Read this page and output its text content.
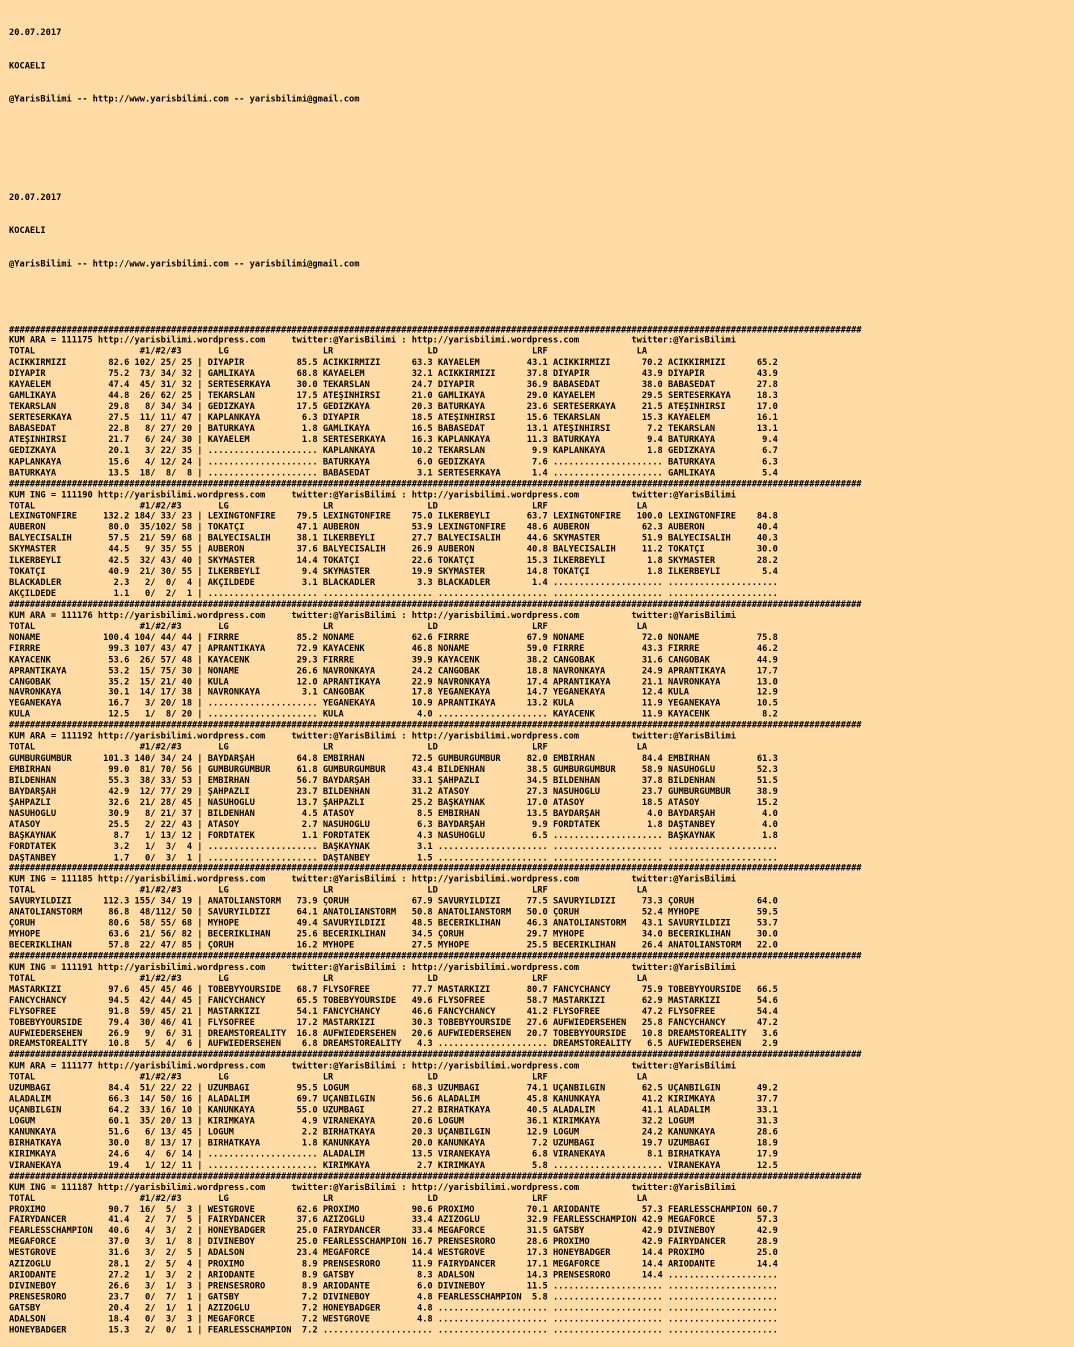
20.07.2017

KOCAELI

@YarisBilimi -- http://www.yarisbilimi.com -- yarisbilimi@gmail.com

20.07.2017

KOCAELI

@YarisBilimi -- http://www.yarisbilimi.com -- yarisbilimi@gmail.com

###################################################################################################################################################################
KUM ARA = 111175 http://yarisbilimi.wordpress.com     twitter:@YarisBilimi : http://yarisbilimi.wordpress.com          twitter:@YarisBilimi
TOTAL                    #1/#2/#3       LG                  LR                  LD                  LRF                 LA
ACIKKIRMIZI        82.6 102/ 25/ 25 | DİYAPİR          85.5 ACIKKIRMIZI      63.3 KAYAELEM         43.1 ACIKKIRMIZI      70.2 ACIKKIRMIZI      65.2
DİYAPİR            75.2  73/ 34/ 32 | GAMLIKAYA        68.8 KAYAELEM         32.1 ACIKKIRMIZI      37.8 DİYAPİR          43.9 DİYAPİR          43.9
KAYAELEM           47.4  45/ 31/ 32 | SERTESERKAYA     30.0 TEKARSLAN        24.7 DİYAPİR          36.9 BABASEDAT        38.0 BABASEDAT        27.8
GAMLIKAYA          44.8  26/ 62/ 25 | TEKARSLAN        17.5 ATEŞİNHIRSI      21.0 GAMLIKAYA        29.0 KAYAELEM         29.5 SERTESERKAYA     18.3
TEKARSLAN          29.8   8/ 34/ 34 | GEDİZKAYA        17.5 GEDİZKAYA        20.3 BATURKAYA        23.6 SERTESERKAYA     21.5 ATEŞİNHIRSI      17.0
SERTESERKAYA       27.5  11/ 11/ 47 | KAPLANKAYA        6.3 DİYAPİR          18.5 ATEŞİNHIRSI      15.6 TEKARSLAN        15.3 KAYAELEM         16.1
BABASEDAT          22.8   8/ 27/ 20 | BATURKAYA         1.8 GAMLIKAYA        16.5 BABASEDAT        13.1 ATEŞİNHIRSI       7.2 TEKARSLAN        13.1
ATEŞİNHIRSI        21.7   6/ 24/ 30 | KAYAELEM          1.8 SERTESERKAYA     16.3 KAPLANKAYA       11.3 BATURKAYA         9.4 BATURKAYA         9.4
GEDİZKAYA          20.1   3/ 22/ 35 | ..................... KAPLANKAYA       10.2 TEKARSLAN         9.9 KAPLANKAYA        1.8 GEDİZKAYA         6.7
KAPLANKAYA         15.6   4/ 12/ 24 | ..................... BATURKAYA         6.0 GEDİZKAYA         7.6 ..................... BATURKAYA         6.3
BATURKAYA          13.5  18/  8/  8 | ..................... BABASEDAT         3.1 SERTESERKAYA      1.4 ..................... GAMLIKAYA         5.4
###################################################################################################################################################################
KUM ING = 111190 http://yarisbilimi.wordpress.com     twitter:@YarisBilimi : http://yarisbilimi.wordpress.com          twitter:@YarisBilimi
TOTAL                    #1/#2/#3       LG                  LR                  LD                  LRF                 LA
LEXINGTONFIRE     132.2 184/ 33/ 23 | LEXINGTONFIRE    79.5 LEXINGTONFIRE    75.0 İLKERBEYLİ       63.7 LEXINGTONFIRE   100.0 LEXINGTONFIRE    84.8
AUBERON            80.0  35/102/ 58 | TOKATÇI          47.1 AUBERON          53.9 LEXINGTONFIRE    48.6 AUBERON          62.3 AUBERON          40.4
BALYECİSALİH       57.5  21/ 59/ 68 | BALYECİSALİH     38.1 İLKERBEYLİ       27.7 BALYECİSALİH     44.6 SKYMASTER        51.9 BALYECİSALİH     40.3
SKYMASTER          44.5   9/ 35/ 55 | AUBERON          37.6 BALYECİSALİH     26.9 AUBERON          40.8 BALYECİSALİH     11.2 TOKATÇI          30.0
İLKERBEYLİ         42.5  32/ 43/ 40 | SKYMASTER        14.4 TOKATÇI          22.6 TOKATÇI          15.3 İLKERBEYLİ        1.8 SKYMASTER        28.2
TOKATÇI            40.9  21/ 30/ 55 | İLKERBEYLİ        9.4 SKYMASTER        19.9 SKYMASTER        14.8 TOKATÇI           1.8 İLKERBEYLİ        5.4
BLACKADLER          2.3   2/  0/  4 | AKÇILDEDE         3.1 BLACKADLER        3.3 BLACKADLER        1.4 ..................... .....................
AKÇILDEDE           1.1   0/  2/  1 | ..................... ..................... ..................... ..................... .....................
###################################################################################################################################################################
KUM ARA = 111176 http://yarisbilimi.wordpress.com     twitter:@YarisBilimi : http://yarisbilimi.wordpress.com          twitter:@YarisBilimi
TOTAL                    #1/#2/#3       LG                  LR                  LD                  LRF                 LA
NONAME            100.4 104/ 44/ 44 | FIRRRE           85.2 NONAME           62.6 FIRRRE           67.9 NONAME           72.0 NONAME           75.8
FIRRRE             99.3 107/ 43/ 47 | APRANTIKAYA      72.9 KAYACENK         46.8 NONAME           59.0 FIRRRE           43.3 FIRRRE           46.2
KAYACENK           53.6  26/ 57/ 48 | KAYACENK         29.3 FIRRRE           39.9 KAYACENK         38.2 CANGOBAK         31.6 CANGOBAK         44.9
APRANTIKAYA        53.2  15/ 75/ 30 | NONAME           26.6 NAVRONKAYA       24.2 CANGOBAK         18.8 NAVRONKAYA       24.9 APRANTIKAYA      17.7
CANGOBAK           35.2  15/ 21/ 40 | KULA             12.0 APRANTIKAYA      22.9 NAVRONKAYA       17.4 APRANTIKAYA      21.1 NAVRONKAYA       13.0
NAVRONKAYA         30.1  14/ 17/ 38 | NAVRONKAYA        3.1 CANGOBAK         17.8 YEGANEKAYA       14.7 YEGANEKAYA       12.4 KULA             12.9
YEGANEKAYA         16.7   3/ 20/ 18 | ..................... YEGANEKAYA       10.9 APRANTIKAYA      13.2 KULA             11.9 YEGANEKAYA       10.5
KULA               12.5   1/  8/ 20 | ..................... KULA              4.0 ..................... KAYACENK         11.9 KAYACENK          8.2
###################################################################################################################################################################
KUM ARA = 111192 http://yarisbilimi.wordpress.com     twitter:@YarisBilimi : http://yarisbilimi.wordpress.com          twitter:@YarisBilimi
TOTAL                    #1/#2/#3       LG                  LR                  LD                  LRF                 LA
GUMBURGÜMBÜR      101.3 140/ 34/ 24 | BAYDARŞAH        64.8 EMBİRHAN         72.5 GUMBURGÜMBÜR     82.0 EMBİRHAN         84.4 EMBİRHAN         61.3
EMBİRHAN           99.0  81/ 70/ 56 | GUMBURGÜMBÜR     61.8 GUMBURGÜMBÜR     43.4 BİLDENHAN        38.5 GUMBURGÜMBÜR     58.9 NASUHOĞLU        52.3
BİLDENHAN          55.3  38/ 33/ 53 | EMBİRHAN         56.7 BAYDARŞAH        33.1 ŞAHPAZLI         34.5 BİLDENHAN        37.8 BİLDENHAN        51.5
BAYDARŞAH          42.9  12/ 77/ 29 | ŞAHPAZLI         23.7 BİLDENHAN        31.2 ATASOY           27.3 NASUHOĞLU        23.7 GUMBURGÜMBÜR     38.9
ŞAHPAZLI           32.6  21/ 28/ 45 | NASUHOĞLU        13.7 ŞAHPAZLI         25.2 BAŞKAYNAK        17.0 ATASOY           18.5 ATASOY           15.2
NASUHOĞLU          30.9   8/ 21/ 37 | BİLDENHAN         4.5 ATASOY            8.5 EMBİRHAN         13.5 BAYDARŞAH         4.0 BAYDARŞAH         4.0
ATASOY             25.5   2/ 22/ 43 | ATASOY            2.7 NASUHOĞLU         6.3 BAYDARŞAH         9.9 FORDTATEK         1.8 DAŞTANBEY         4.0
BAŞKAYNAK           8.7   1/ 13/ 12 | FORDTATEK         1.1 FORDTATEK         4.3 NASUHOĞLU         6.5 ..................... BAŞKAYNAK         1.8
FORDTATEK           3.2   1/  3/  4 | ..................... BAŞKAYNAK         3.1 ..................... ..................... .....................
DAŞTANBEY           1.7   0/  3/  1 | ..................... DAŞTANBEY         1.5 ..................... ..................... .....................
###################################################################################################################################################################
KUM ING = 111185 http://yarisbilimi.wordpress.com     twitter:@YarisBilimi : http://yarisbilimi.wordpress.com          twitter:@YarisBilimi
TOTAL                    #1/#2/#3       LG                  LR                  LD                  LRF                 LA
SAVURYILDIZI      112.3 155/ 34/ 19 | ANATOLIANSTORM   73.9 ÇORUH            67.9 SAVURYILDIZI     77.5 SAVURYILDIZI     73.3 ÇORUH            64.0
ANATOLIANSTORM     86.8  48/112/ 50 | SAVURYILDIZI     64.1 ANATOLIANSTORM   50.8 ANATOLIANSTORM   50.0 ÇORUH            52.4 MYHOPE           59.5
ÇORUH              80.6  58/ 55/ 68 | MYHOPE           49.4 SAVURYILDIZI     48.5 BECERİKLİHAN     46.3 ANATOLIANSTORM   43.1 SAVURYILDIZI     53.7
MYHOPE             63.6  21/ 56/ 82 | BECERİKLİHAN     25.6 BECERİKLİHAN     34.5 ÇORUH            29.7 MYHOPE           34.0 BECERİKLİHAN     30.0
BECERİKLİHAN       57.8  22/ 47/ 85 | ÇORUH            16.2 MYHOPE           27.5 MYHOPE           25.5 BECERİKLİHAN     26.4 ANATOLIANSTORM   22.0
###################################################################################################################################################################
KUM ING = 111191 http://yarisbilimi.wordpress.com     twitter:@YarisBilimi : http://yarisbilimi.wordpress.com          twitter:@YarisBilimi
TOTAL                    #1/#2/#3       LG                  LR                  LD                  LRF                 LA
MASTARKIZI         97.6  45/ 45/ 46 | TOBEBYYOURSIDE   68.7 FLYSOFREE        77.7 MASTARKIZI       80.7 FANCYCHANCY      75.9 TOBEBYYOURSIDE   66.5
FANCYCHANCY        94.5  42/ 44/ 45 | FANCYCHANCY      65.5 TOBEBYYOURSIDE   49.6 FLYSOFREE        58.7 MASTARKIZI       62.9 MASTARKIZI       54.6
FLYSOFREE          91.8  59/ 45/ 21 | MASTARKIZI       54.1 FANCYCHANCY      46.6 FANCYCHANCY      41.2 FLYSOFREE        47.2 FLYSOFREE        54.4
TOBEBYYOURSIDE     79.4  30/ 46/ 41 | FLYSOFREE        17.2 MASTARKIZI       30.3 TOBEBYYOURSIDE   27.6 AUFWIEDERSEHEN   25.8 FANCYCHANCY      47.2
AUFWIEDERSEHEN     26.9   9/  6/ 31 | DREAMSTOREALITY  16.8 AUFWIEDERSEHEN   20.6 AUFWIEDERSEHEN   20.7 TOBEBYYOURSIDE   10.8 DREAMSTOREALITY   3.6
DREAMSTOREALITY    10.8   5/  4/  6 | AUFWIEDERSEHEN    6.8 DREAMSTOREALITY   4.3 ..................... DREAMSTOREALITY   6.5 AUFWIEDERSEHEN    2.9
###################################################################################################################################################################
KUM ARA = 111177 http://yarisbilimi.wordpress.com     twitter:@YarisBilimi : http://yarisbilimi.wordpress.com          twitter:@YarisBilimi
TOTAL                    #1/#2/#3       LG                  LR                  LD                  LRF                 LA
ÜZÜMBAĞI           84.4  51/ 22/ 22 | ÜZÜMBAĞI         95.5 LOGUM            68.3 ÜZÜMBAĞI         74.1 UÇANBİLGİN       62.5 UÇANBİLGİN       49.2
ALADALIM           66.3  14/ 50/ 16 | ALADALIM         69.7 UÇANBİLGİN       56.6 ALADALIM         45.8 KANUNKAYA        41.2 KIRIMKAYA        37.7
UÇANBİLGİN         64.2  33/ 16/ 10 | KANUNKAYA        55.0 ÜZÜMBAĞI         27.2 BİRHATKAYA       40.5 ALADALIM         41.1 ALADALIM         33.1
LOGUM              60.1  35/ 20/ 13 | KIRIMKAYA         4.9 VİRANEKAYA       20.6 LOGUM            36.1 KIRIMKAYA        32.2 LOGUM            31.3
KANUNKAYA          51.6   6/ 13/ 45 | LOGUM             2.2 BİRHATKAYA       20.3 UÇANBİLGİN       12.9 LOGUM            24.2 KANUNKAYA        28.6
BİRHATKAYA         30.0   8/ 13/ 17 | BİRHATKAYA        1.8 KANUNKAYA        20.0 KANUNKAYA         7.2 ÜZÜMBAĞI         19.7 ÜZÜMBAĞI         18.9
KIRIMKAYA          24.6   4/  6/ 14 | ..................... ALADALIM         13.5 VİRANEKAYA        6.8 VİRANEKAYA        8.1 BİRHATKAYA       17.9
VİRANEKAYA         19.4   1/ 12/ 11 | ..................... KIRIMKAYA         2.7 KIRIMKAYA         5.8 ..................... VİRANEKAYA       12.5
###################################################################################################################################################################
KUM ING = 111187 http://yarisbilimi.wordpress.com     twitter:@YarisBilimi : http://yarisbilimi.wordpress.com          twitter:@YarisBilimi
TOTAL                    #1/#2/#3       LG                  LR                  LD                  LRF                 LA
PROXIMO            90.7  16/  5/  3 | WESTGROVE        62.6 PROXIMO          90.6 PROXIMO          70.1 ARIODANTE        57.3 FEARLESSCHAMPION 60.7
FAIRYDANCER        41.4   2/  7/  5 | FAIRYDANCER      37.6 AZIZOGLU         33.4 AZIZOGLU         32.9 FEARLESSCHAMPION 42.9 MEGAFORCE        57.3
FEARLESSCHAMPION   40.6   4/  3/  2 | HONEYBADGER      25.0 FAIRYDANCER      33.4 MEGAFORCE        31.5 GATSBY           42.9 DIVINEBOY        42.9
MEGAFORCE          37.0   3/  1/  8 | DIVINEBOY        25.0 FEARLESSCHAMPION 16.7 PRENSESRORO      28.6 PROXIMO          42.9 FAIRYDANCER      28.9
WESTGROVE          31.6   3/  2/  5 | ADALSON          23.4 MEGAFORCE        14.4 WESTGROVE        17.3 HONEYBADGER      14.4 PROXIMO          25.0
AZIZOGLU           28.1   2/  5/  4 | PROXIMO           8.9 PRENSESRORO      11.9 FAIRYDANCER      17.1 MEGAFORCE        14.4 ARIODANTE        14.4
ARIODANTE          27.2   1/  3/  2 | ARIODANTE         8.9 GATSBY            8.3 ADALSON          14.3 PRENSESRORO      14.4 .....................
DIVINEBOY          26.6   3/  1/  3 | PRENSESRORO       8.9 ARIODANTE         6.0 DIVINEBOY        11.5 ..................... .....................
PRENSESRORO        23.7   0/  7/  1 | GATSBY            7.2 DIVINEBOY         4.8 FEARLESSCHAMPION  5.8 ..................... .....................
GATSBY             20.4   2/  1/  1 | AZIZOGLU          7.2 HONEYBADGER       4.8 ..................... ..................... .....................
ADALSON            18.4   0/  3/  3 | MEGAFORCE         7.2 WESTGROVE         4.8 ..................... ..................... .....................
HONEYBADGER        15.3   2/  0/  1 | FEARLESSCHAMPION  7.2 ..................... ..................... ..................... .....................
